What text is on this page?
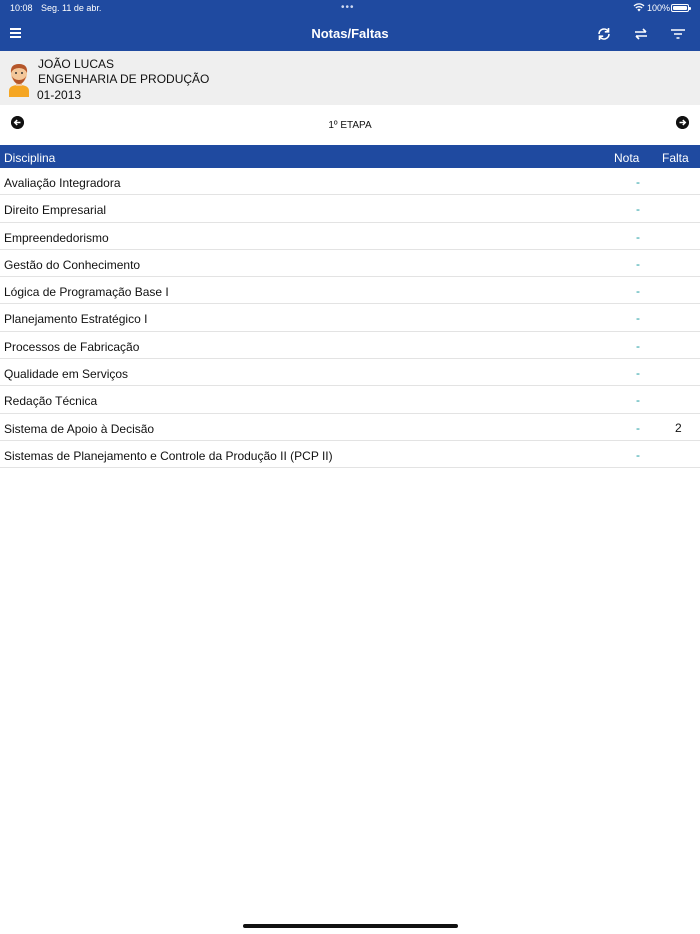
10:08 Seg. 11 de abr.	•••	100%
Notas/Faltas
JOÃO LUCAS
ENGENHARIA DE PRODUÇÃO
01-2013
1º ETAPA
Disciplina	Nota Falta
Avaliação Integradora	-
Direito Empresarial	-
Empreendedorismo	-
Gestão do Conhecimento	-
Lógica de Programação Base I	-
Planejamento Estratégico I	-
Processos de Fabricação	-
Qualidade em Serviços	-
Redação Técnica	-
Sistema de Apoio à Decisão	-	2
Sistemas de Planejamento e Controle da Produção II (PCP II)	-
